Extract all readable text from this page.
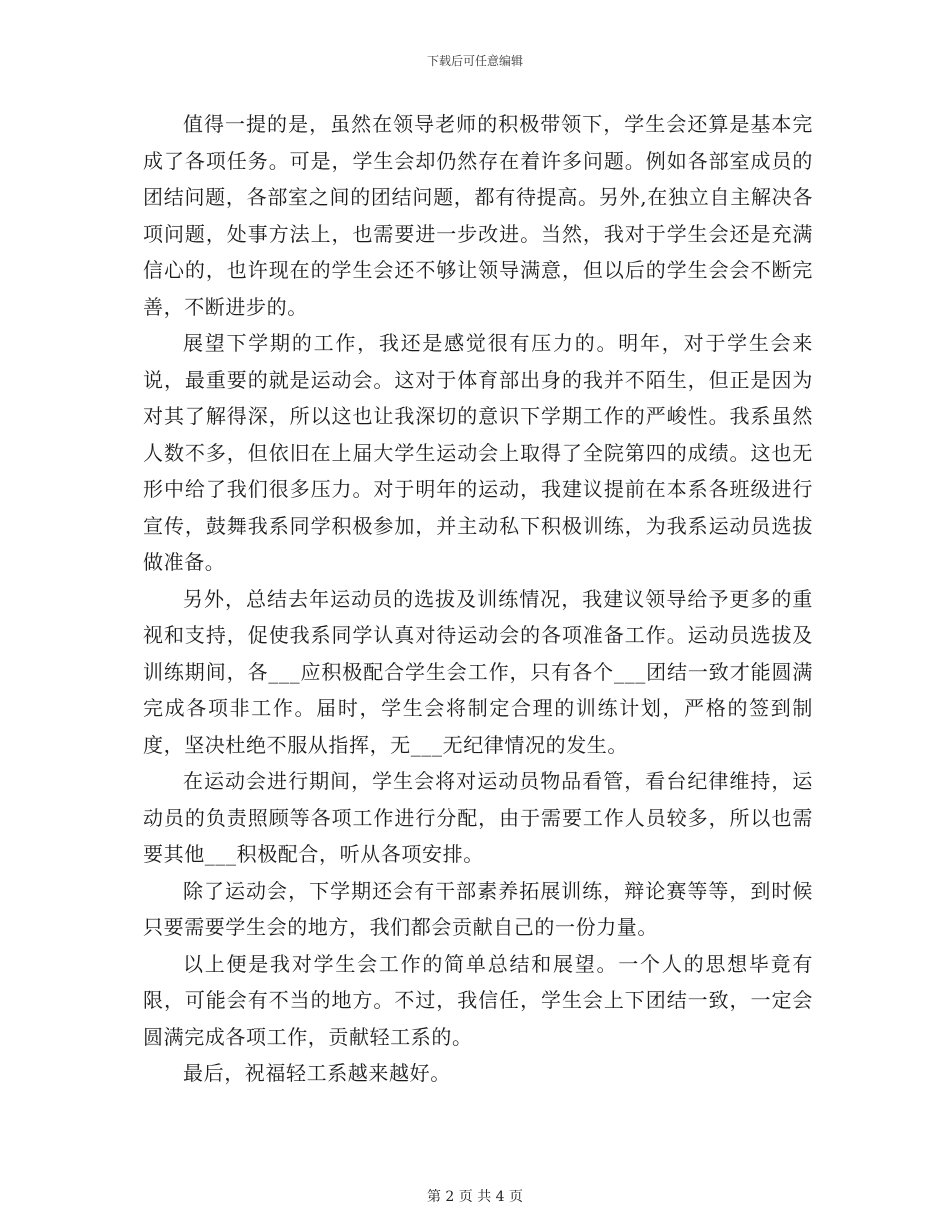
下载后可任意编辑

值得一提的是，虽然在领导老师的积极带领下，学生会还算是基本完成了各项任务。可是，学生会却仍然存在着许多问题。例如各部室成员的团结问题，各部室之间的团结问题，都有待提高。另外,在独立自主解决各项问题，处事方法上，也需要进一步改进。当然，我对于学生会还是充满信心的，也许现在的学生会还不够让领导满意，但以后的学生会会不断完善，不断进步的。

展望下学期的工作，我还是感觉很有压力的。明年，对于学生会来说，最重要的就是运动会。这对于体育部出身的我并不陌生，但正是因为对其了解得深，所以这也让我深切的意识下学期工作的严峻性。我系虽然人数不多，但依旧在上届大学生运动会上取得了全院第四的成绩。这也无形中给了我们很多压力。对于明年的运动，我建议提前在本系各班级进行宣传，鼓舞我系同学积极参加，并主动私下积极训练，为我系运动员选拔做准备。

另外，总结去年运动员的选拔及训练情况，我建议领导给予更多的重视和支持，促使我系同学认真对待运动会的各项准备工作。运动员选拔及训练期间，各___应积极配合学生会工作，只有各个___团结一致才能圆满完成各项非工作。届时，学生会将制定合理的训练计划，严格的签到制度，坚决杜绝不服从指挥，无___无纪律情况的发生。

在运动会进行期间，学生会将对运动员物品看管，看台纪律维持，运动员的负责照顾等各项工作进行分配，由于需要工作人员较多，所以也需要其他___积极配合，听从各项安排。

除了运动会，下学期还会有干部素养拓展训练，辩论赛等等，到时候只要需要学生会的地方，我们都会贡献自己的一份力量。

以上便是我对学生会工作的简单总结和展望。一个人的思想毕竟有限，可能会有不当的地方。不过，我信任，学生会上下团结一致，一定会圆满完成各项工作，贡献轻工系的。

最后，祝福轻工系越来越好。

第 2 页 共 4 页
